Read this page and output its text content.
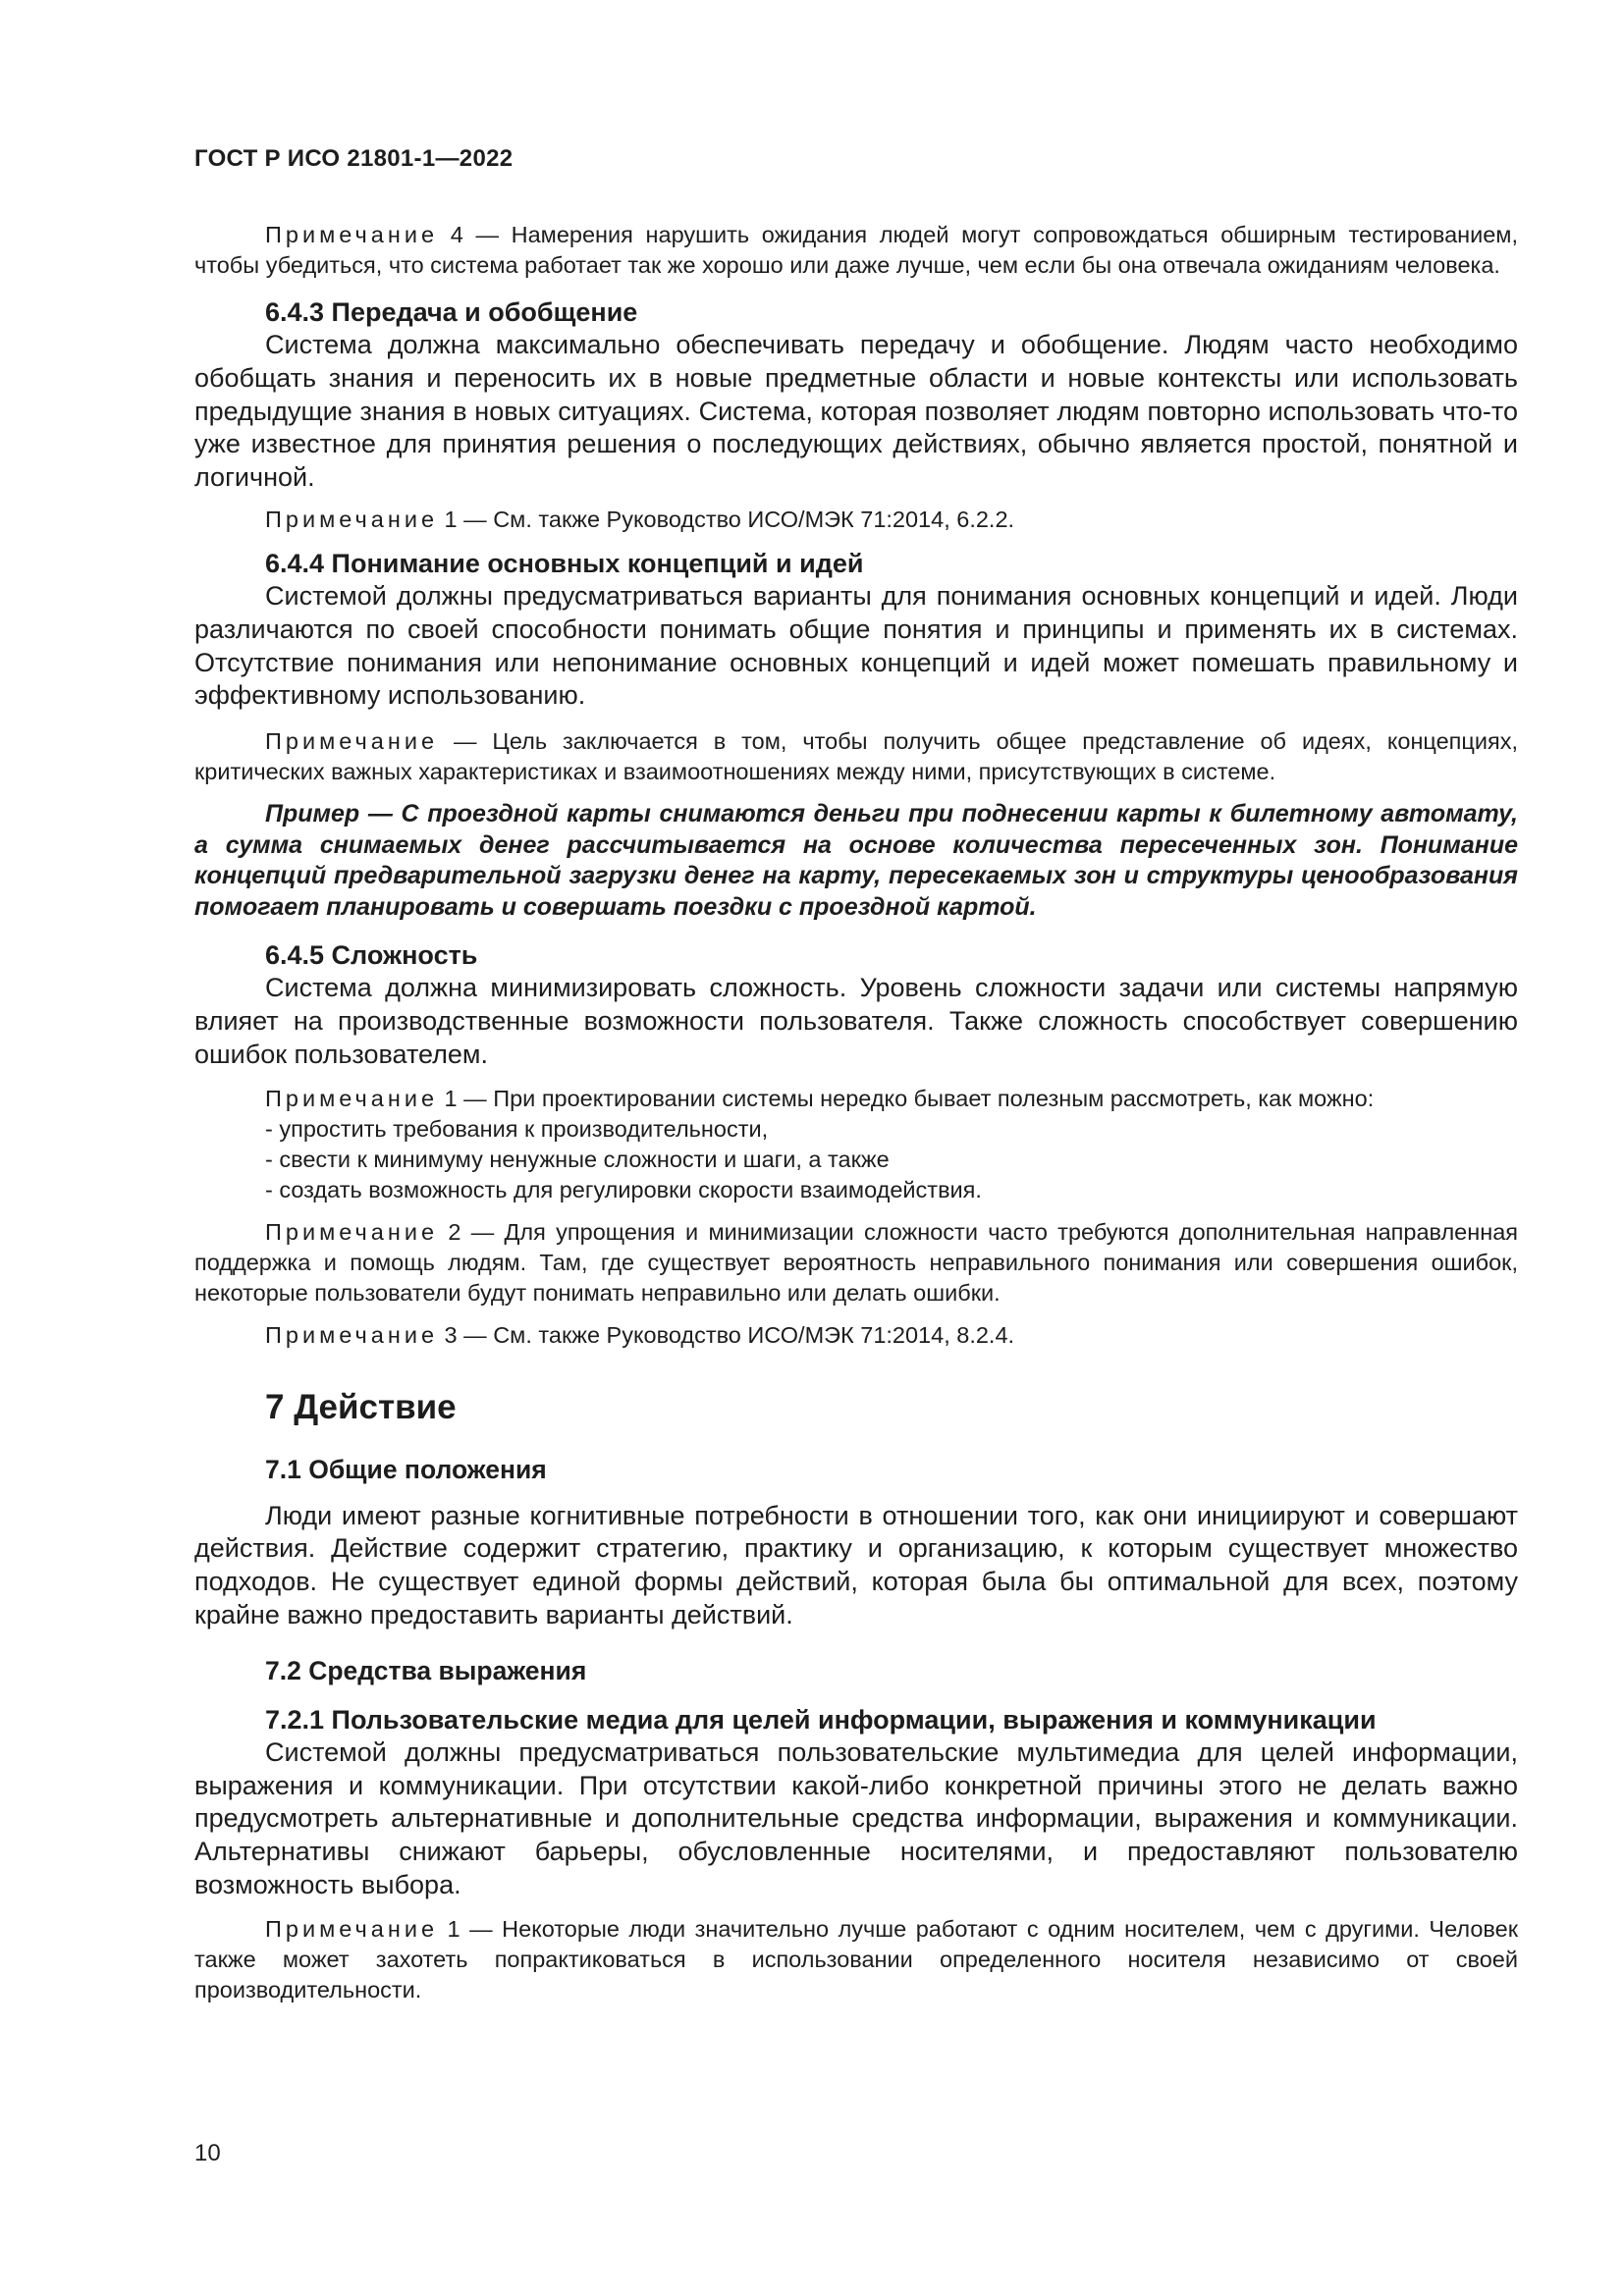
ГОСТ Р ИСО 21801-1—2022

Примечание 4 — Намерения нарушить ожидания людей могут сопровождаться обширным тестированием, чтобы убедиться, что система работает так же хорошо или даже лучше, чем если бы она отвечала ожиданиям человека.

6.4.3 Передача и обобщение

Система должна максимально обеспечивать передачу и обобщение. Людям часто необходимо обобщать знания и переносить их в новые предметные области и новые контексты или использовать предыдущие знания в новых ситуациях. Система, которая позволяет людям повторно использовать что-то уже известное для принятия решения о последующих действиях, обычно является простой, понятной и логичной.

Примечание 1 — См. также Руководство ИСО/МЭК 71:2014, 6.2.2.

6.4.4 Понимание основных концепций и идей

Системой должны предусматриваться варианты для понимания основных концепций и идей. Люди различаются по своей способности понимать общие понятия и принципы и применять их в системах. Отсутствие понимания или непонимание основных концепций и идей может помешать правильному и эффективному использованию.

Примечание — Цель заключается в том, чтобы получить общее представление об идеях, концепциях, критических важных характеристиках и взаимоотношениях между ними, присутствующих в системе.

Пример — С проездной карты снимаются деньги при поднесении карты к билетному автомату, а сумма снимаемых денег рассчитывается на основе количества пересеченных зон. Понимание концепций предварительной загрузки денег на карту, пересекаемых зон и структуры ценообразования помогает планировать и совершать поездки с проездной картой.

6.4.5 Сложность

Система должна минимизировать сложность. Уровень сложности задачи или системы напрямую влияет на производственные возможности пользователя. Также сложность способствует совершению ошибок пользователем.

Примечание 1 — При проектировании системы нередко бывает полезным рассмотреть, как можно:

- упростить требования к производительности,
- свести к минимуму ненужные сложности и шаги, а также
- создать возможность для регулировки скорости взаимодействия.

Примечание 2 — Для упрощения и минимизации сложности часто требуются дополнительная направленная поддержка и помощь людям. Там, где существует вероятность неправильного понимания или совершения ошибок, некоторые пользователи будут понимать неправильно или делать ошибки.

Примечание 3 — См. также Руководство ИСО/МЭК 71:2014, 8.2.4.

7 Действие
7.1 Общие положения

Люди имеют разные когнитивные потребности в отношении того, как они инициируют и совершают действия. Действие содержит стратегию, практику и организацию, к которым существует множество подходов. Не существует единой формы действий, которая была бы оптимальной для всех, поэтому крайне важно предоставить варианты действий.

7.2 Средства выражения
7.2.1 Пользовательские медиа для целей информации, выражения и коммуникации

Системой должны предусматриваться пользовательские мультимедиа для целей информации, выражения и коммуникации. При отсутствии какой-либо конкретной причины этого не делать важно предусмотреть альтернативные и дополнительные средства информации, выражения и коммуникации. Альтернативы снижают барьеры, обусловленные носителями, и предоставляют пользователю возможность выбора.

Примечание 1 — Некоторые люди значительно лучше работают с одним носителем, чем с другими. Человек также может захотеть попрактиковаться в использовании определенного носителя независимо от своей производительности.

10
